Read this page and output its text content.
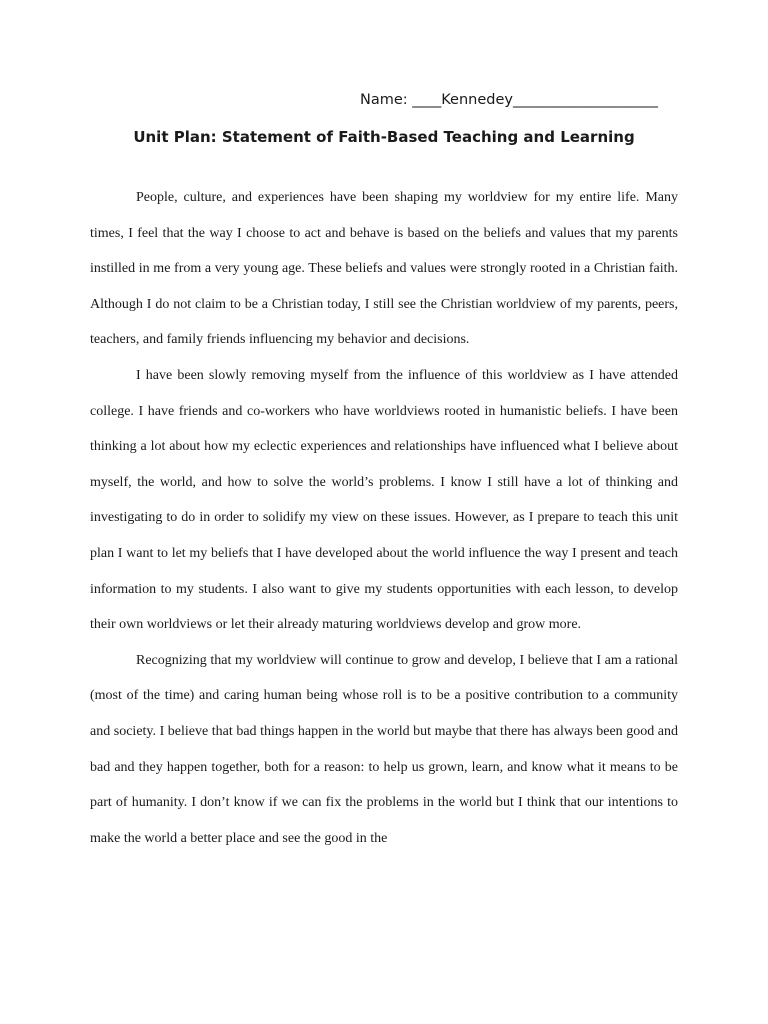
Name: ____Kennedey____________________
Unit Plan: Statement of Faith-Based Teaching and Learning

People, culture, and experiences have been shaping my worldview for my entire life. Many times, I feel that the way I choose to act and behave is based on the beliefs and values that my parents instilled in me from a very young age. These beliefs and values were strongly rooted in a Christian faith. Although I do not claim to be a Christian today, I still see the Christian worldview of my parents, peers, teachers, and family friends influencing my behavior and decisions.

I have been slowly removing myself from the influence of this worldview as I have attended college. I have friends and co-workers who have worldviews rooted in humanistic beliefs. I have been thinking a lot about how my eclectic experiences and relationships have influenced what I believe about myself, the world, and how to solve the world’s problems. I know I still have a lot of thinking and investigating to do in order to solidify my view on these issues. However, as I prepare to teach this unit plan I want to let my beliefs that I have developed about the world influence the way I present and teach information to my students. I also want to give my students opportunities with each lesson, to develop their own worldviews or let their already maturing worldviews develop and grow more.

Recognizing that my worldview will continue to grow and develop, I believe that I am a rational (most of the time) and caring human being whose roll is to be a positive contribution to a community and society. I believe that bad things happen in the world but maybe that there has always been good and bad and they happen together, both for a reason: to help us grown, learn, and know what it means to be part of humanity. I don’t know if we can fix the problems in the world but I think that our intentions to make the world a better place and see the good in the
